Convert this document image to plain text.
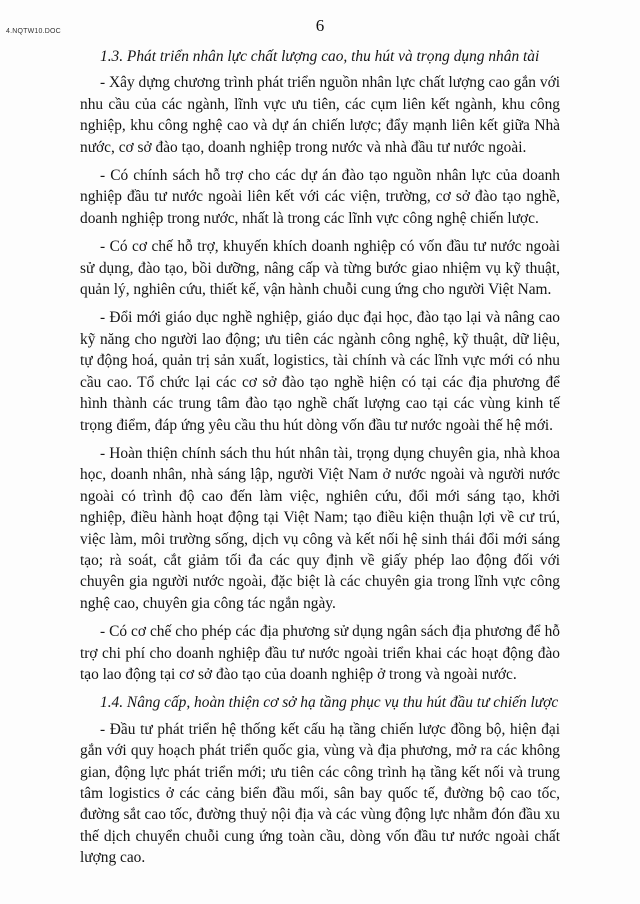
4.NQTW10.DOC	6

1.3. Phát triển nhân lực chất lượng cao, thu hút và trọng dụng nhân tài

- Xây dựng chương trình phát triển nguồn nhân lực chất lượng cao gắn với nhu cầu của các ngành, lĩnh vực ưu tiên, các cụm liên kết ngành, khu công nghiệp, khu công nghệ cao và dự án chiến lược; đẩy mạnh liên kết giữa Nhà nước, cơ sở đào tạo, doanh nghiệp trong nước và nhà đầu tư nước ngoài.

- Có chính sách hỗ trợ cho các dự án đào tạo nguồn nhân lực của doanh nghiệp đầu tư nước ngoài liên kết với các viện, trường, cơ sở đào tạo nghề, doanh nghiệp trong nước, nhất là trong các lĩnh vực công nghệ chiến lược.

- Có cơ chế hỗ trợ, khuyến khích doanh nghiệp có vốn đầu tư nước ngoài sử dụng, đào tạo, bồi dưỡng, nâng cấp và từng bước giao nhiệm vụ kỹ thuật, quản lý, nghiên cứu, thiết kế, vận hành chuỗi cung ứng cho người Việt Nam.

- Đổi mới giáo dục nghề nghiệp, giáo dục đại học, đào tạo lại và nâng cao kỹ năng cho người lao động; ưu tiên các ngành công nghệ, kỹ thuật, dữ liệu, tự động hoá, quản trị sản xuất, logistics, tài chính và các lĩnh vực mới có nhu cầu cao. Tổ chức lại các cơ sở đào tạo nghề hiện có tại các địa phương để hình thành các trung tâm đào tạo nghề chất lượng cao tại các vùng kinh tế trọng điểm, đáp ứng yêu cầu thu hút dòng vốn đầu tư nước ngoài thế hệ mới.

- Hoàn thiện chính sách thu hút nhân tài, trọng dụng chuyên gia, nhà khoa học, doanh nhân, nhà sáng lập, người Việt Nam ở nước ngoài và người nước ngoài có trình độ cao đến làm việc, nghiên cứu, đổi mới sáng tạo, khởi nghiệp, điều hành hoạt động tại Việt Nam; tạo điều kiện thuận lợi về cư trú, việc làm, môi trường sống, dịch vụ công và kết nối hệ sinh thái đổi mới sáng tạo; rà soát, cắt giảm tối đa các quy định về giấy phép lao động đối với chuyên gia người nước ngoài, đặc biệt là các chuyên gia trong lĩnh vực công nghệ cao, chuyên gia công tác ngắn ngày.

- Có cơ chế cho phép các địa phương sử dụng ngân sách địa phương để hỗ trợ chi phí cho doanh nghiệp đầu tư nước ngoài triển khai các hoạt động đào tạo lao động tại cơ sở đào tạo của doanh nghiệp ở trong và ngoài nước.

1.4. Nâng cấp, hoàn thiện cơ sở hạ tầng phục vụ thu hút đầu tư chiến lược

- Đầu tư phát triển hệ thống kết cấu hạ tầng chiến lược đồng bộ, hiện đại gắn với quy hoạch phát triển quốc gia, vùng và địa phương, mở ra các không gian, động lực phát triển mới; ưu tiên các công trình hạ tầng kết nối và trung tâm logistics ở các cảng biển đầu mối, sân bay quốc tế, đường bộ cao tốc, đường sắt cao tốc, đường thuỷ nội địa và các vùng động lực nhằm đón đầu xu thế dịch chuyển chuỗi cung ứng toàn cầu, dòng vốn đầu tư nước ngoài chất lượng cao.
